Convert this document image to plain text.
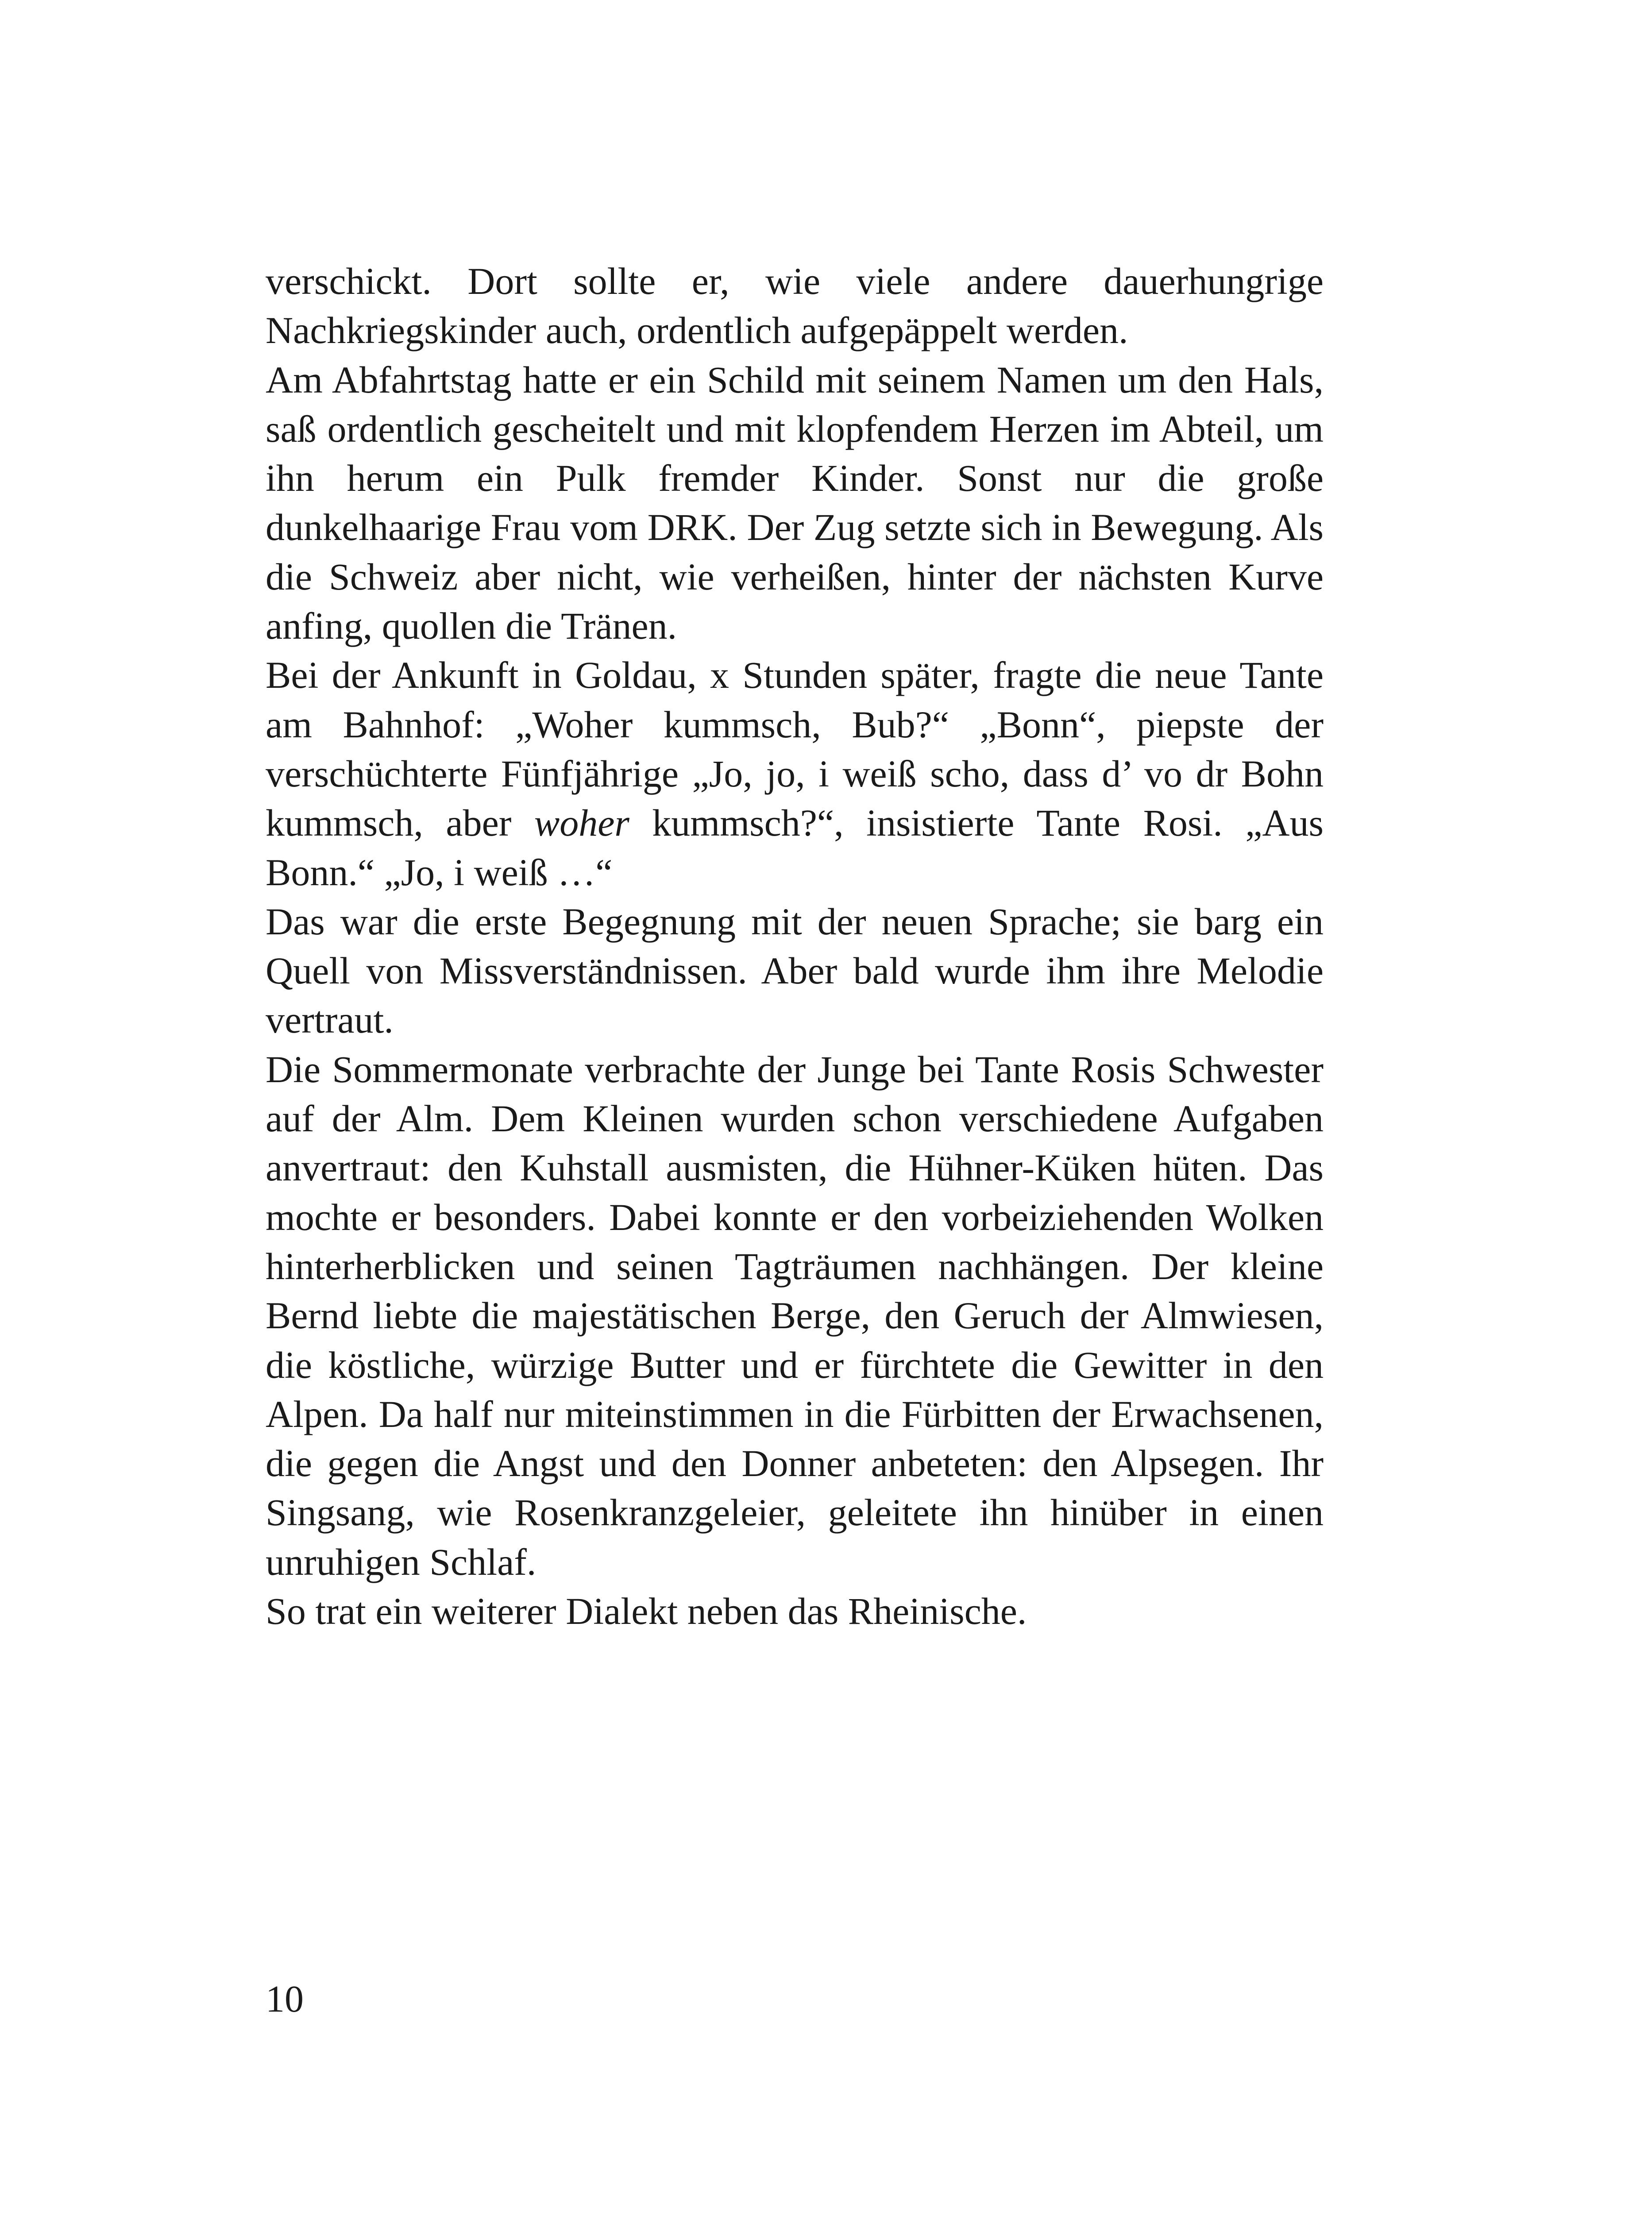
verschickt. Dort sollte er, wie viele andere dauerhungrige Nachkriegskinder auch, ordentlich aufgepäppelt werden.

Am Abfahrtstag hatte er ein Schild mit seinem Namen um den Hals, saß ordentlich gescheitelt und mit klopfendem Herzen im Abteil, um ihn herum ein Pulk fremder Kinder. Sonst nur die große dunkelhaarige Frau vom DRK. Der Zug setzte sich in Bewegung. Als die Schweiz aber nicht, wie verheißen, hinter der nächsten Kurve anfing, quollen die Tränen.

Bei der Ankunft in Goldau, x Stunden später, fragte die neue Tante am Bahnhof: „Woher kummsch, Bub?“ „Bonn“, piepste der verschüchterte Fünfjährige „Jo, jo, i weiß scho, dass d’ vo dr Bohn kummsch, aber woher kummsch?“, insistierte Tante Rosi. „Aus Bonn.“ „Jo, i weiß …“

Das war die erste Begegnung mit der neuen Sprache; sie barg ein Quell von Missverständnissen. Aber bald wurde ihm ihre Melodie vertraut.

Die Sommermonate verbrachte der Junge bei Tante Rosis Schwester auf der Alm. Dem Kleinen wurden schon verschiedene Aufgaben anvertraut: den Kuhstall ausmisten, die Hühner-Küken hüten. Das mochte er besonders. Dabei konnte er den vorbeiziehenden Wolken hinterherblicken und seinen Tagträumen nachhängen. Der kleine Bernd liebte die majestätischen Berge, den Geruch der Almwiesen, die köstliche, würzige Butter und er fürchtete die Gewitter in den Alpen. Da half nur miteinstimmen in die Fürbitten der Erwachsenen, die gegen die Angst und den Donner anbeteten: den Alpsegen. Ihr Singsang, wie Rosenkranzgeleier, geleitete ihn hinüber in einen unruhigen Schlaf.

So trat ein weiterer Dialekt neben das Rheinische.

10
